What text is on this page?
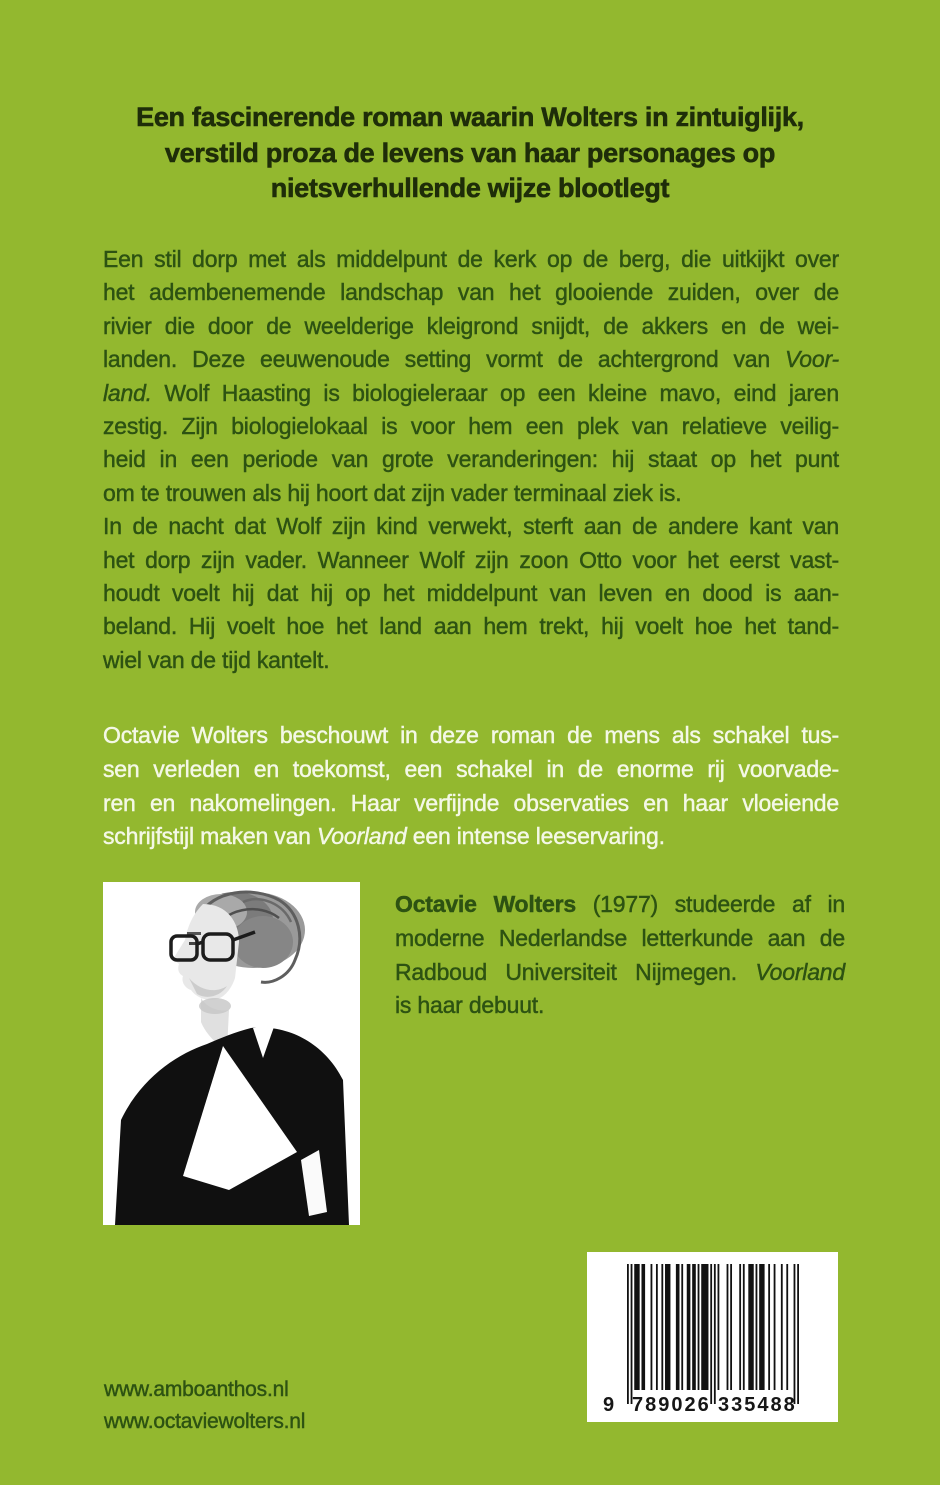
Een fascinerende roman waarin Wolters in zintuiglijk,
verstild proza de levens van haar personages op
nietsverhullende wijze blootlegt
Een stil dorp met als middelpunt de kerk op de berg, die uitkijkt over
het adembenemende landschap van het glooiende zuiden, over de
rivier die door de weelderige kleigrond snijdt, de akkers en de wei-
landen. Deze eeuwenoude setting vormt de achtergrond van Voor-
land. Wolf Haasting is biologieleraar op een kleine mavo, eind jaren
zestig. Zijn biologielokaal is voor hem een plek van relatieve veilig-
heid in een periode van grote veranderingen: hij staat op het punt
om te trouwen als hij hoort dat zijn vader terminaal ziek is.
In de nacht dat Wolf zijn kind verwekt, sterft aan de andere kant van
het dorp zijn vader. Wanneer Wolf zijn zoon Otto voor het eerst vast-
houdt voelt hij dat hij op het middelpunt van leven en dood is aan-
beland. Hij voelt hoe het land aan hem trekt, hij voelt hoe het tand-
wiel van de tijd kantelt.
Octavie Wolters beschouwt in deze roman de mens als schakel tus-
sen verleden en toekomst, een schakel in de enorme rij voorvade-
ren en nakomelingen. Haar verfijnde observaties en haar vloeiende
schrijfstijl maken van Voorland een intense leeservaring.
Octavie Wolters (1977) studeerde af in
moderne Nederlandse letterkunde aan de
Radboud Universiteit Nijmegen. Voorland
is haar debuut.
www.amboanthos.nl
www.octaviewolters.nl
9 789026 335488
